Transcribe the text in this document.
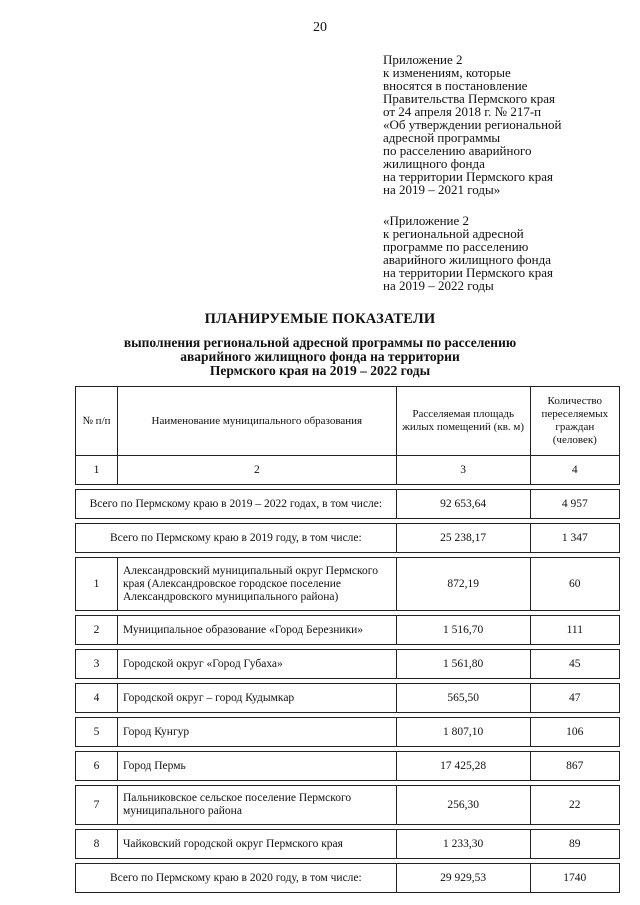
20
Приложение 2
к изменениям, которые
вносятся в постановление
Правительства Пермского края
от 24 апреля 2018 г. № 217-п
«Об утверждении региональной
адресной программы
по расселению аварийного
жилищного фонда
на территории Пермского края
на 2019 – 2021 годы»
«Приложение 2
к региональной адресной
программе по расселению
аварийного жилищного фонда
на территории Пермского края
на 2019 – 2022 годы
ПЛАНИРУЕМЫЕ ПОКАЗАТЕЛИ
выполнения региональной адресной программы по расселению
аварийного жилищного фонда на территории
Пермского края на 2019 – 2022 годы
№ п/п	Наименование муниципального образования	Расселяемая площадь жилых помещений (кв. м)	Количество переселяемых граждан (человек)
1	2	3	4

Всего по Пермскому краю в 2019 – 2022 годах, в том числе:		92 653,64	4 957

Всего по Пермскому краю в 2019 году, в том числе:		25 238,17	1 347

1	Александровский муниципальный округ Пермского края (Александровское городское поселение Александровского муниципального района)	872,19	60

2	Муниципальное образование «Город Березники»	1 516,70	111

3	Городской округ «Город Губаха»	1 561,80	45

4	Городской округ – город Кудымкар	565,50	47

5	Город Кунгур	1 807,10	106

6	Город Пермь	17 425,28	867

7	Пальниковское сельское поселение Пермского муниципального района	256,30	22

8	Чайковский городской округ Пермского края	1 233,30	89

Всего по Пермскому краю в 2020 году, в том числе:		29 929,53	1740
